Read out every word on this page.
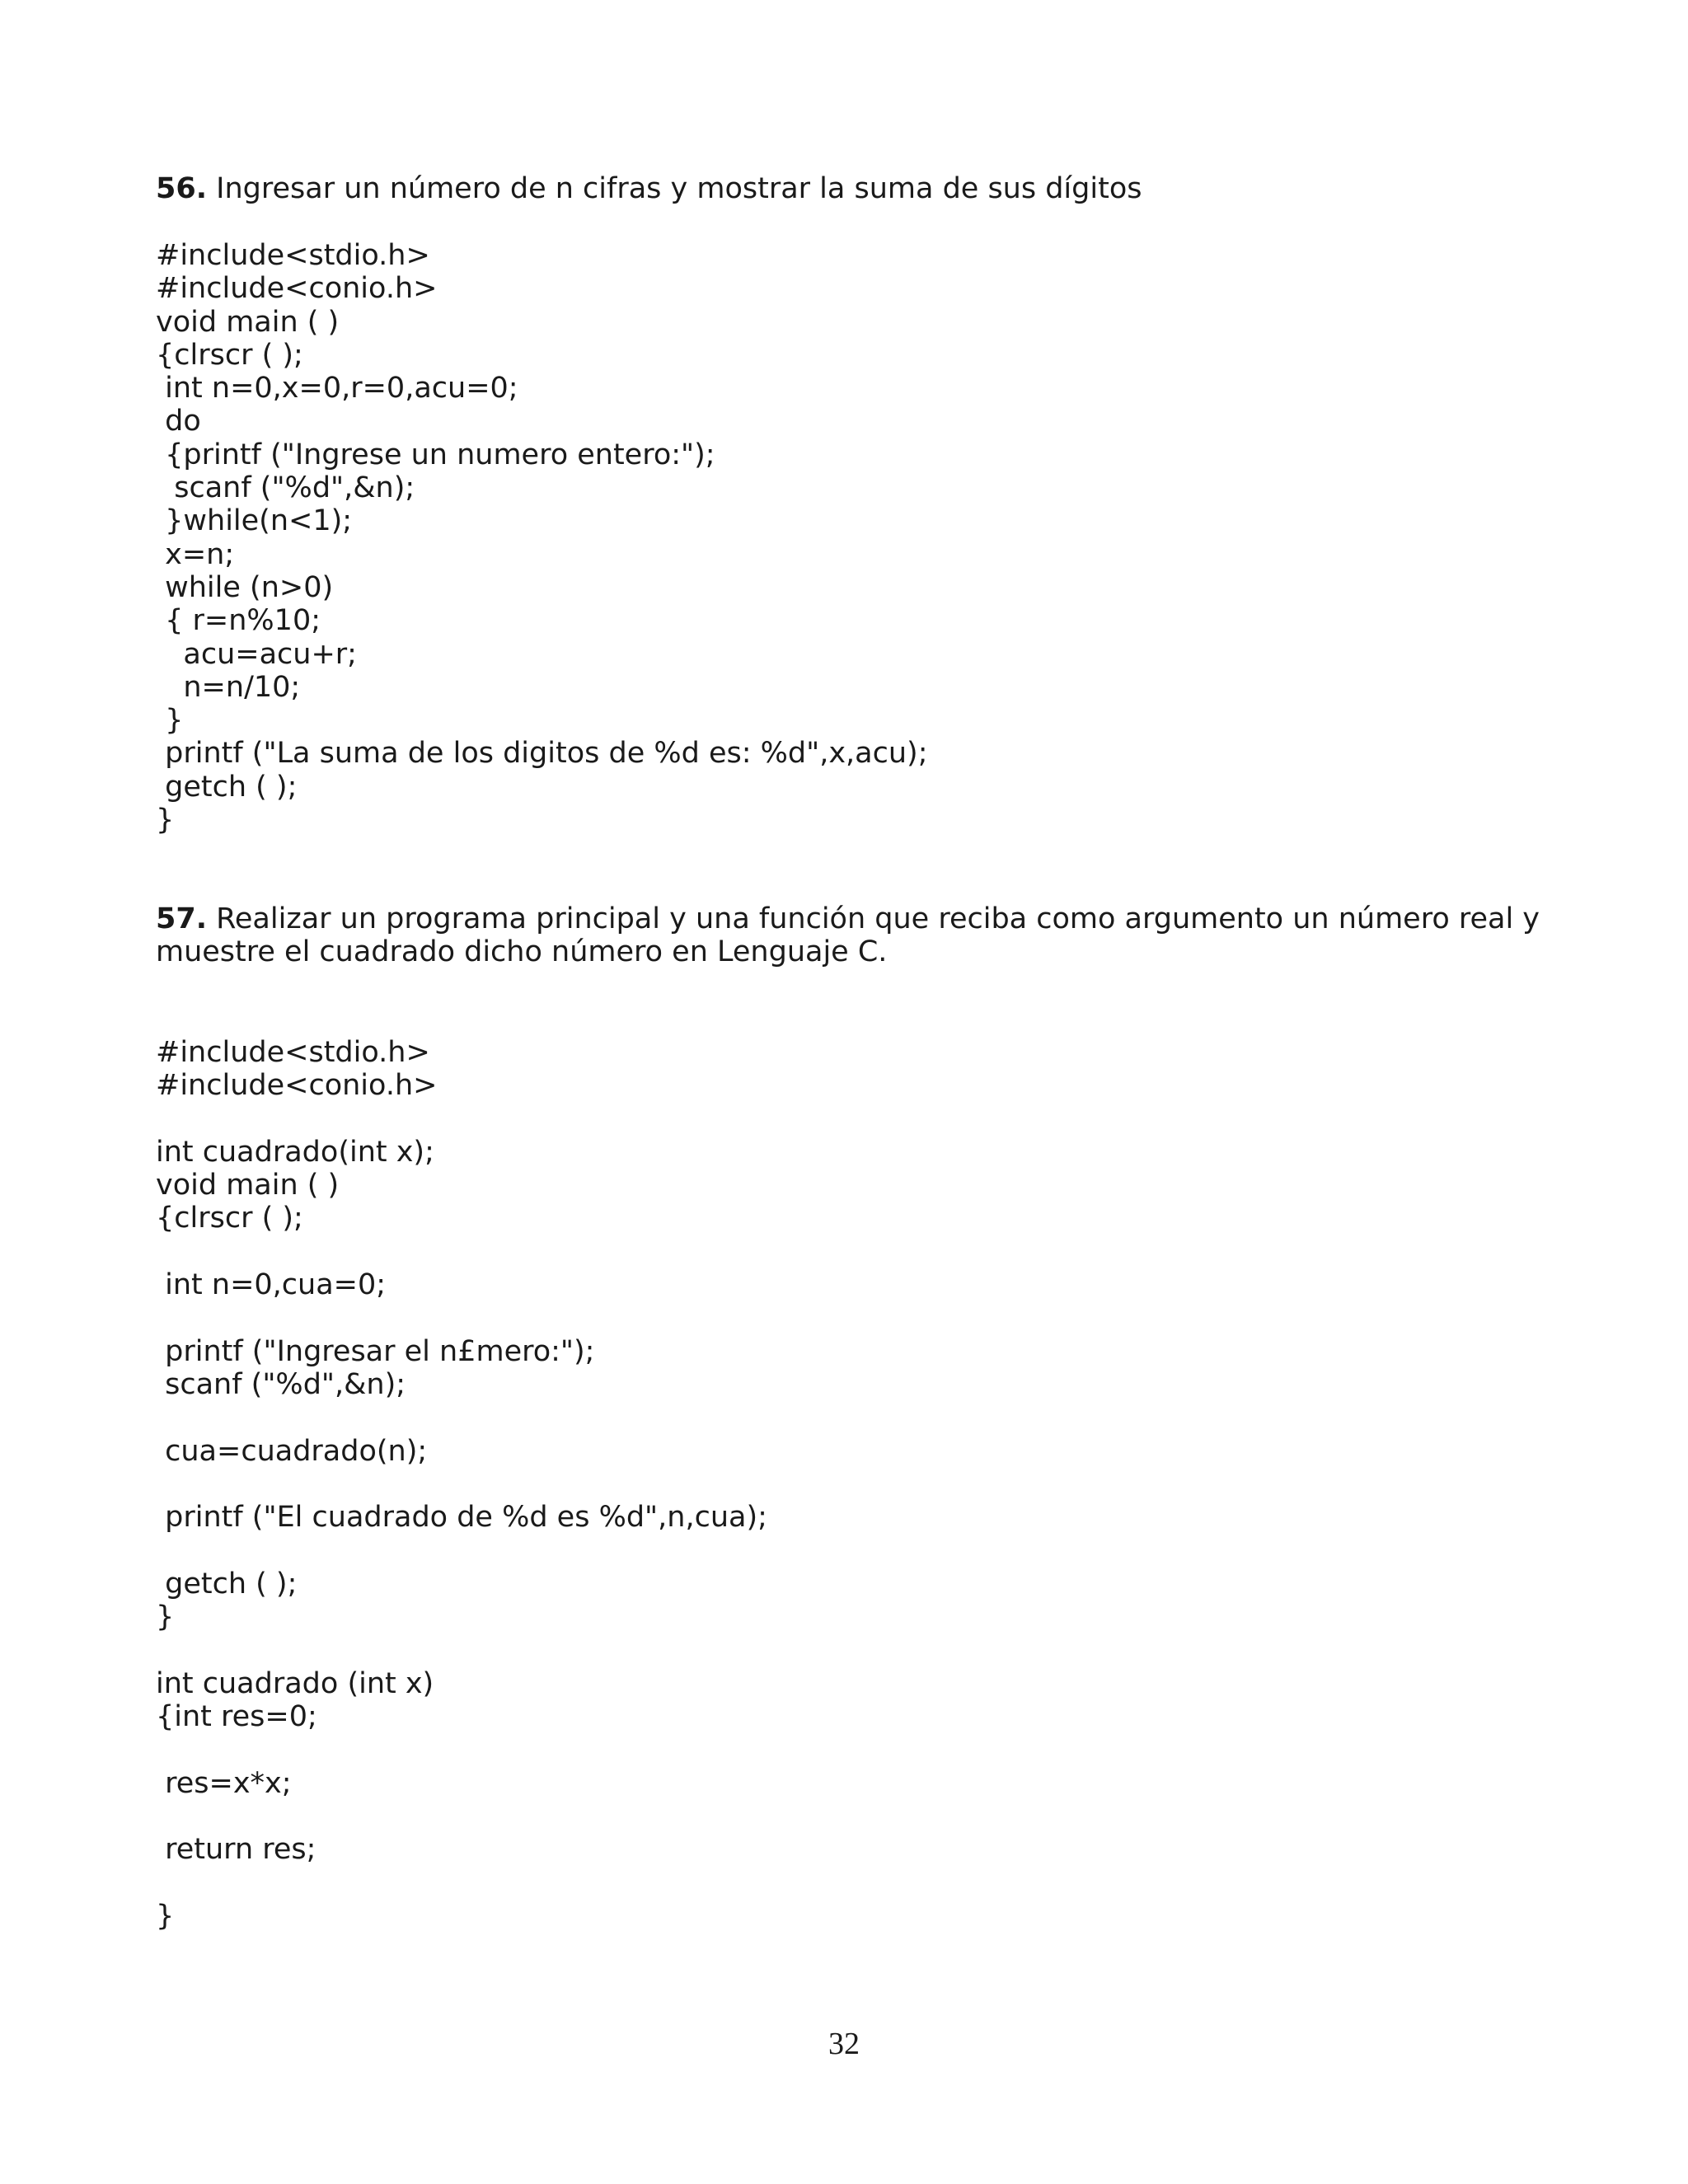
56. Ingresar un número de n cifras y mostrar la suma de sus dígitos
#include<stdio.h>
#include<conio.h>
void main ( )
{clrscr ( );
int n=0,x=0,r=0,acu=0;
do
{printf ("Ingrese un numero entero:");
scanf ("%d",&n);
}while(n<1);
x=n;
while (n>0)
{ r=n%10;
acu=acu+r;
n=n/10;
}
printf ("La suma de los digitos de %d es: %d",x,acu);
getch ( );
}
57. Realizar un programa principal y una función que reciba como argumento un número real y
muestre el cuadrado dicho número en Lenguaje C.
#include<stdio.h>
#include<conio.h>

int cuadrado(int x);
void main ( )
{clrscr ( );

int n=0,cua=0;

printf ("Ingresar el n£mero:");
scanf ("%d",&n);

cua=cuadrado(n);

printf ("El cuadrado de %d es %d",n,cua);

getch ( );
}

int cuadrado (int x)
{int res=0;

res=x*x;

return res;

}
32
